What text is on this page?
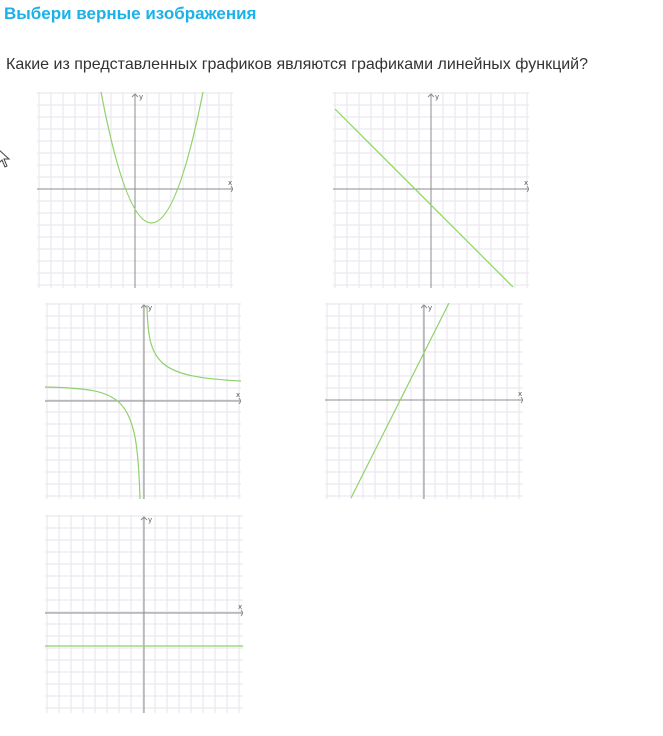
Выбери верные изображения
Какие из представленных графиков являются графиками линейных функций?
x
y
x
y
x
y
x
y
x
y
